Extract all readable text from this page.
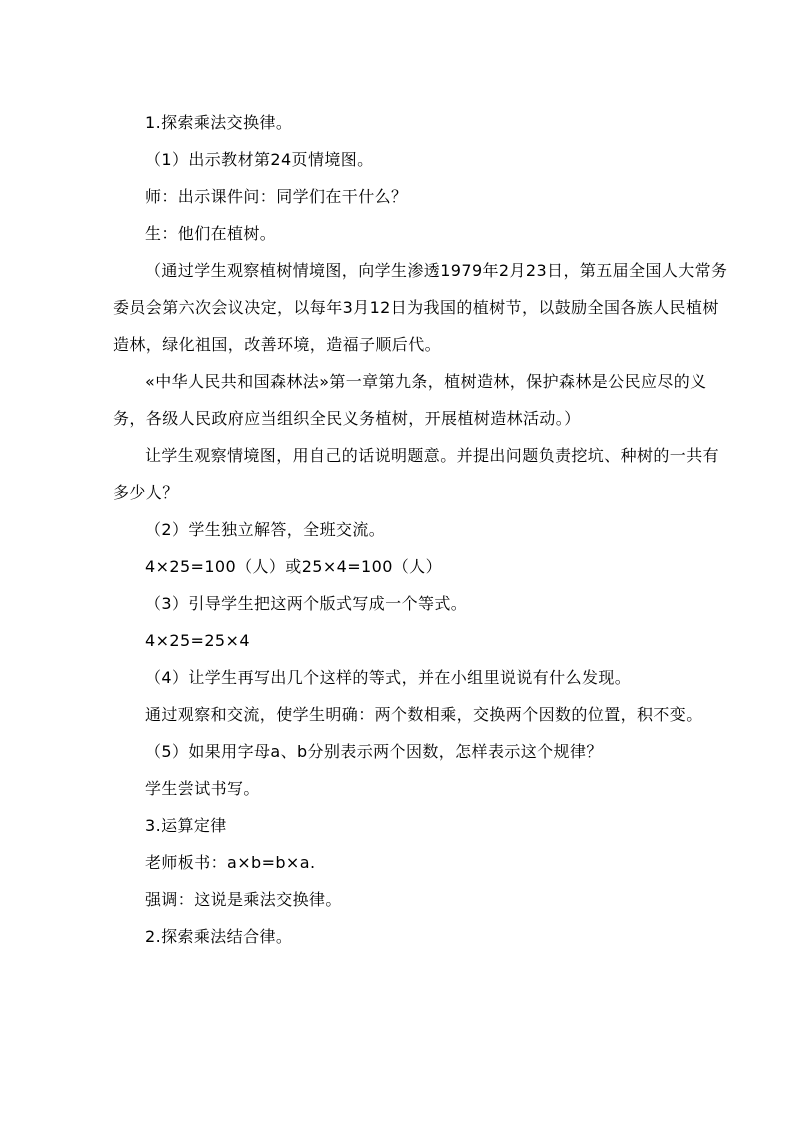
1.探索乘法交换律。

（1）出示教材第24页情境图。

师：出示课件问：同学们在干什么？

生：他们在植树。

（通过学生观察植树情境图，向学生渗透1979年2月23日，第五届全国人大常务委员会第六次会议决定，以每年3月12日为我国的植树节，以鼓励全国各族人民植树造林，绿化祖国，改善环境，造福子顺后代。

«中华人民共和国森林法»第一章第九条，植树造林，保护森林是公民应尽的义务，各级人民政府应当组织全民义务植树，开展植树造林活动。）

让学生观察情境图，用自己的话说明题意。并提出问题负责挖坑、种树的一共有多少人？

（2）学生独立解答，全班交流。

4×25=100（人）或25×4=100（人）

（3）引导学生把这两个版式写成一个等式。

4×25=25×4

（4）让学生再写出几个这样的等式，并在小组里说说有什么发现。

通过观察和交流，使学生明确：两个数相乘，交换两个因数的位置，积不变。

（5）如果用字母a、b分别表示两个因数，怎样表示这个规律？

学生尝试书写。

3.运算定律

老师板书：a×b=b×a.

强调：这说是乘法交换律。

2.探索乘法结合律。
